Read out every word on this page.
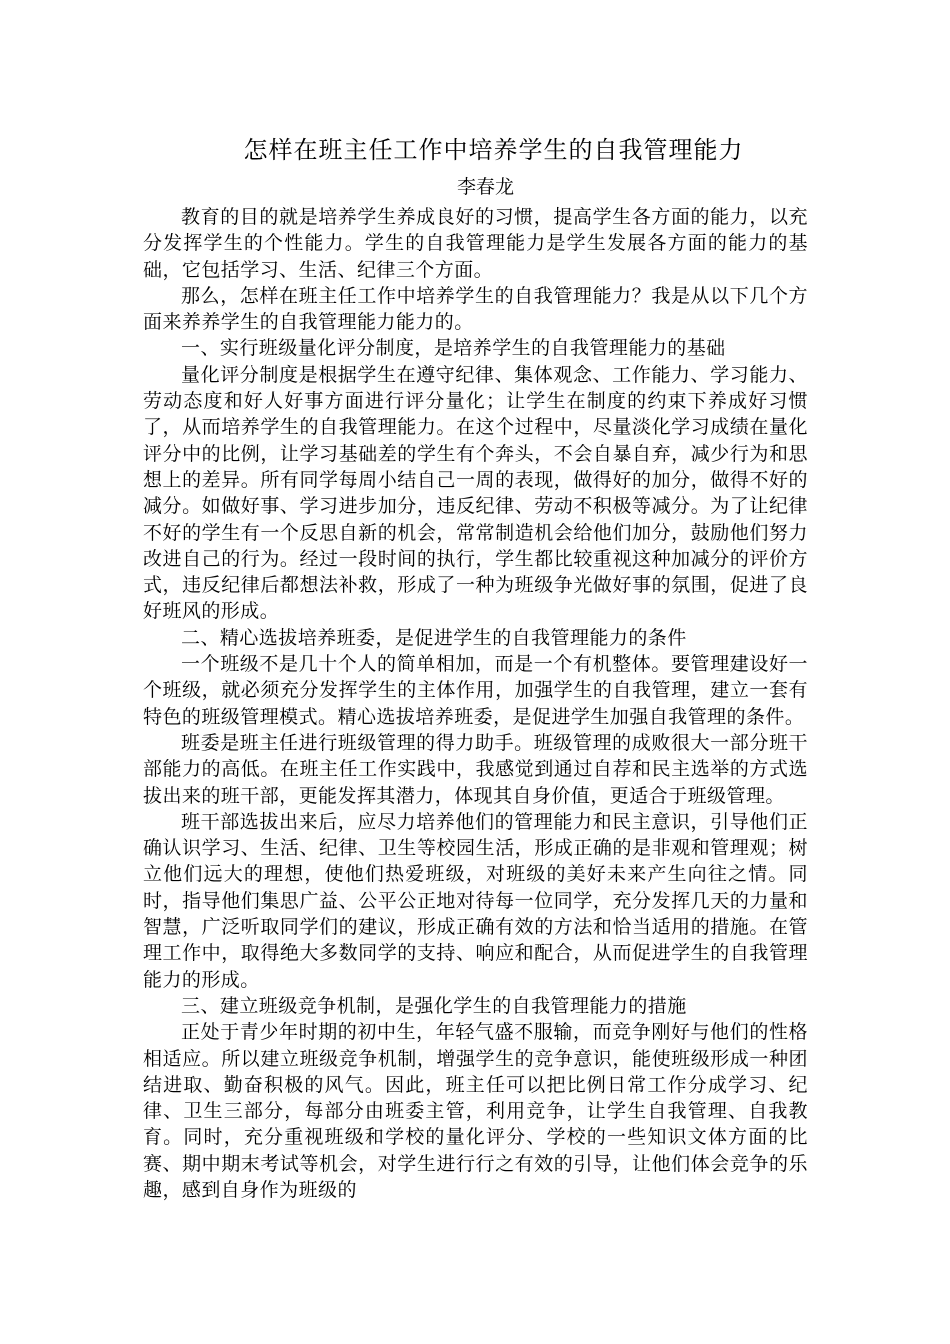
怎样在班主任工作中培养学生的自我管理能力
李春龙

教育的目的就是培养学生养成良好的习惯，提高学生各方面的能力，以充分发挥学生的个性能力。学生的自我管理能力是学生发展各方面的能力的基础，它包括学习、生活、纪律三个方面。

那么，怎样在班主任工作中培养学生的自我管理能力？我是从以下几个方面来养养学生的自我管理能力能力的。

一、实行班级量化评分制度，是培养学生的自我管理能力的基础

量化评分制度是根据学生在遵守纪律、集体观念、工作能力、学习能力、劳动态度和好人好事方面进行评分量化；让学生在制度的约束下养成好习惯了，从而培养学生的自我管理能力。在这个过程中，尽量淡化学习成绩在量化评分中的比例，让学习基础差的学生有个奔头，不会自暴自弃，减少行为和思想上的差异。所有同学每周小结自己一周的表现，做得好的加分，做得不好的减分。如做好事、学习进步加分，违反纪律、劳动不积极等减分。为了让纪律不好的学生有一个反思自新的机会，常常制造机会给他们加分，鼓励他们努力改进自己的行为。经过一段时间的执行，学生都比较重视这种加减分的评价方式，违反纪律后都想法补救，形成了一种为班级争光做好事的氛围，促进了良好班风的形成。

二、精心选拔培养班委，是促进学生的自我管理能力的条件

一个班级不是几十个人的简单相加，而是一个有机整体。要管理建设好一个班级，就必须充分发挥学生的主体作用，加强学生的自我管理，建立一套有特色的班级管理模式。精心选拔培养班委，是促进学生加强自我管理的条件。

班委是班主任进行班级管理的得力助手。班级管理的成败很大一部分班干部能力的高低。在班主任工作实践中，我感觉到通过自荐和民主选举的方式选拔出来的班干部，更能发挥其潜力，体现其自身价值，更适合于班级管理。

班干部选拔出来后，应尽力培养他们的管理能力和民主意识，引导他们正确认识学习、生活、纪律、卫生等校园生活，形成正确的是非观和管理观；树立他们远大的理想，使他们热爱班级，对班级的美好未来产生向往之情。同时，指导他们集思广益、公平公正地对待每一位同学，充分发挥几天的力量和智慧，广泛听取同学们的建议，形成正确有效的方法和恰当适用的措施。在管理工作中，取得绝大多数同学的支持、响应和配合，从而促进学生的自我管理能力的形成。

三、建立班级竞争机制，是强化学生的自我管理能力的措施

正处于青少年时期的初中生，年轻气盛不服输，而竞争刚好与他们的性格相适应。所以建立班级竞争机制，增强学生的竞争意识，能使班级形成一种团结进取、勤奋积极的风气。因此，班主任可以把比例日常工作分成学习、纪律、卫生三部分，每部分由班委主管，利用竞争，让学生自我管理、自我教育。同时，充分重视班级和学校的量化评分、学校的一些知识文体方面的比赛、期中期末考试等机会，对学生进行行之有效的引导，让他们体会竞争的乐趣，感到自身作为班级的
